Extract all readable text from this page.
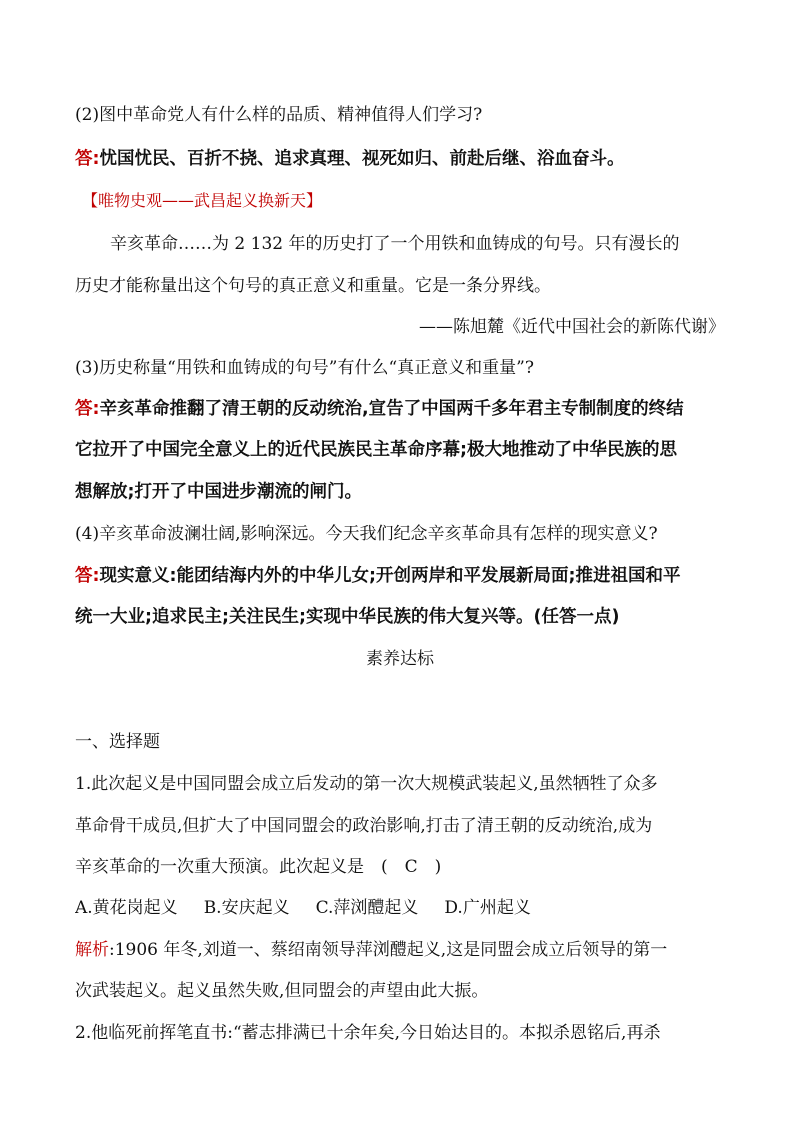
(2)图中革命党人有什么样的品质、精神值得人们学习?
答:忧国忧民、百折不挠、追求真理、视死如归、前赴后继、浴血奋斗。
【唯物史观——武昌起义换新天】
辛亥革命……为 2 132 年的历史打了一个用铁和血铸成的句号。只有漫长的
历史才能称量出这个句号的真正意义和重量。它是一条分界线。
——陈旭麓《近代中国社会的新陈代谢》
(3)历史称量“用铁和血铸成的句号”有什么“真正意义和重量”?
答:辛亥革命推翻了清王朝的反动统治,宣告了中国两千多年君主专制制度的终结
它拉开了中国完全意义上的近代民族民主革命序幕;极大地推动了中华民族的思
想解放;打开了中国进步潮流的闸门。
(4)辛亥革命波澜壮阔,影响深远。今天我们纪念辛亥革命具有怎样的现实意义?
答:现实意义:能团结海内外的中华儿女;开创两岸和平发展新局面;推进祖国和平
统一大业;追求民主;关注民生;实现中华民族的伟大复兴等。(任答一点)
素养达标
一、选择题
1.此次起义是中国同盟会成立后发动的第一次大规模武装起义,虽然牺牲了众多
革命骨干成员,但扩大了中国同盟会的政治影响,打击了清王朝的反动统治,成为
辛亥革命的一次重大预演。此次起义是　(　C　)
A.黄花岗起义 B.安庆起义 C.萍浏醴起义 D.广州起义
解析:1906 年冬,刘道一、蔡绍南领导萍浏醴起义,这是同盟会成立后领导的第一
次武装起义。起义虽然失败,但同盟会的声望由此大振。
2.他临死前挥笔直书:“蓄志排满已十余年矣,今日始达目的。本拟杀恩铭后,再杀
